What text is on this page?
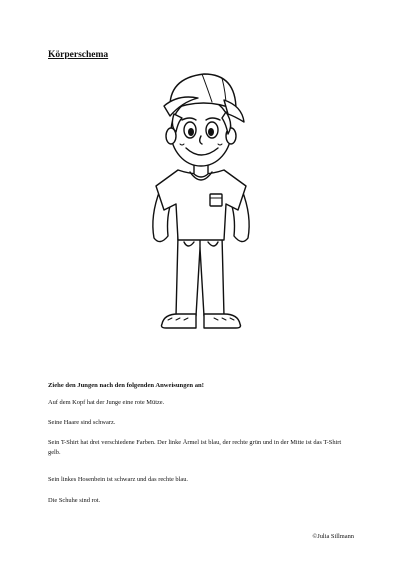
Körperschema

Ziehe den Jungen nach den folgenden Anweisungen an!

Auf dem Kopf hat der Junge eine rote Mütze.

Seine Haare sind schwarz.

Sein T-Shirt hat drei verschiedene Farben. Der linke Ärmel ist blau, der rechte grün und in der Mitte ist das T-Shirt gelb.

Sein linkes Hosenbein ist schwarz und das rechte blau.

Die Schuhe sind rot.

©Julia Sillmann
